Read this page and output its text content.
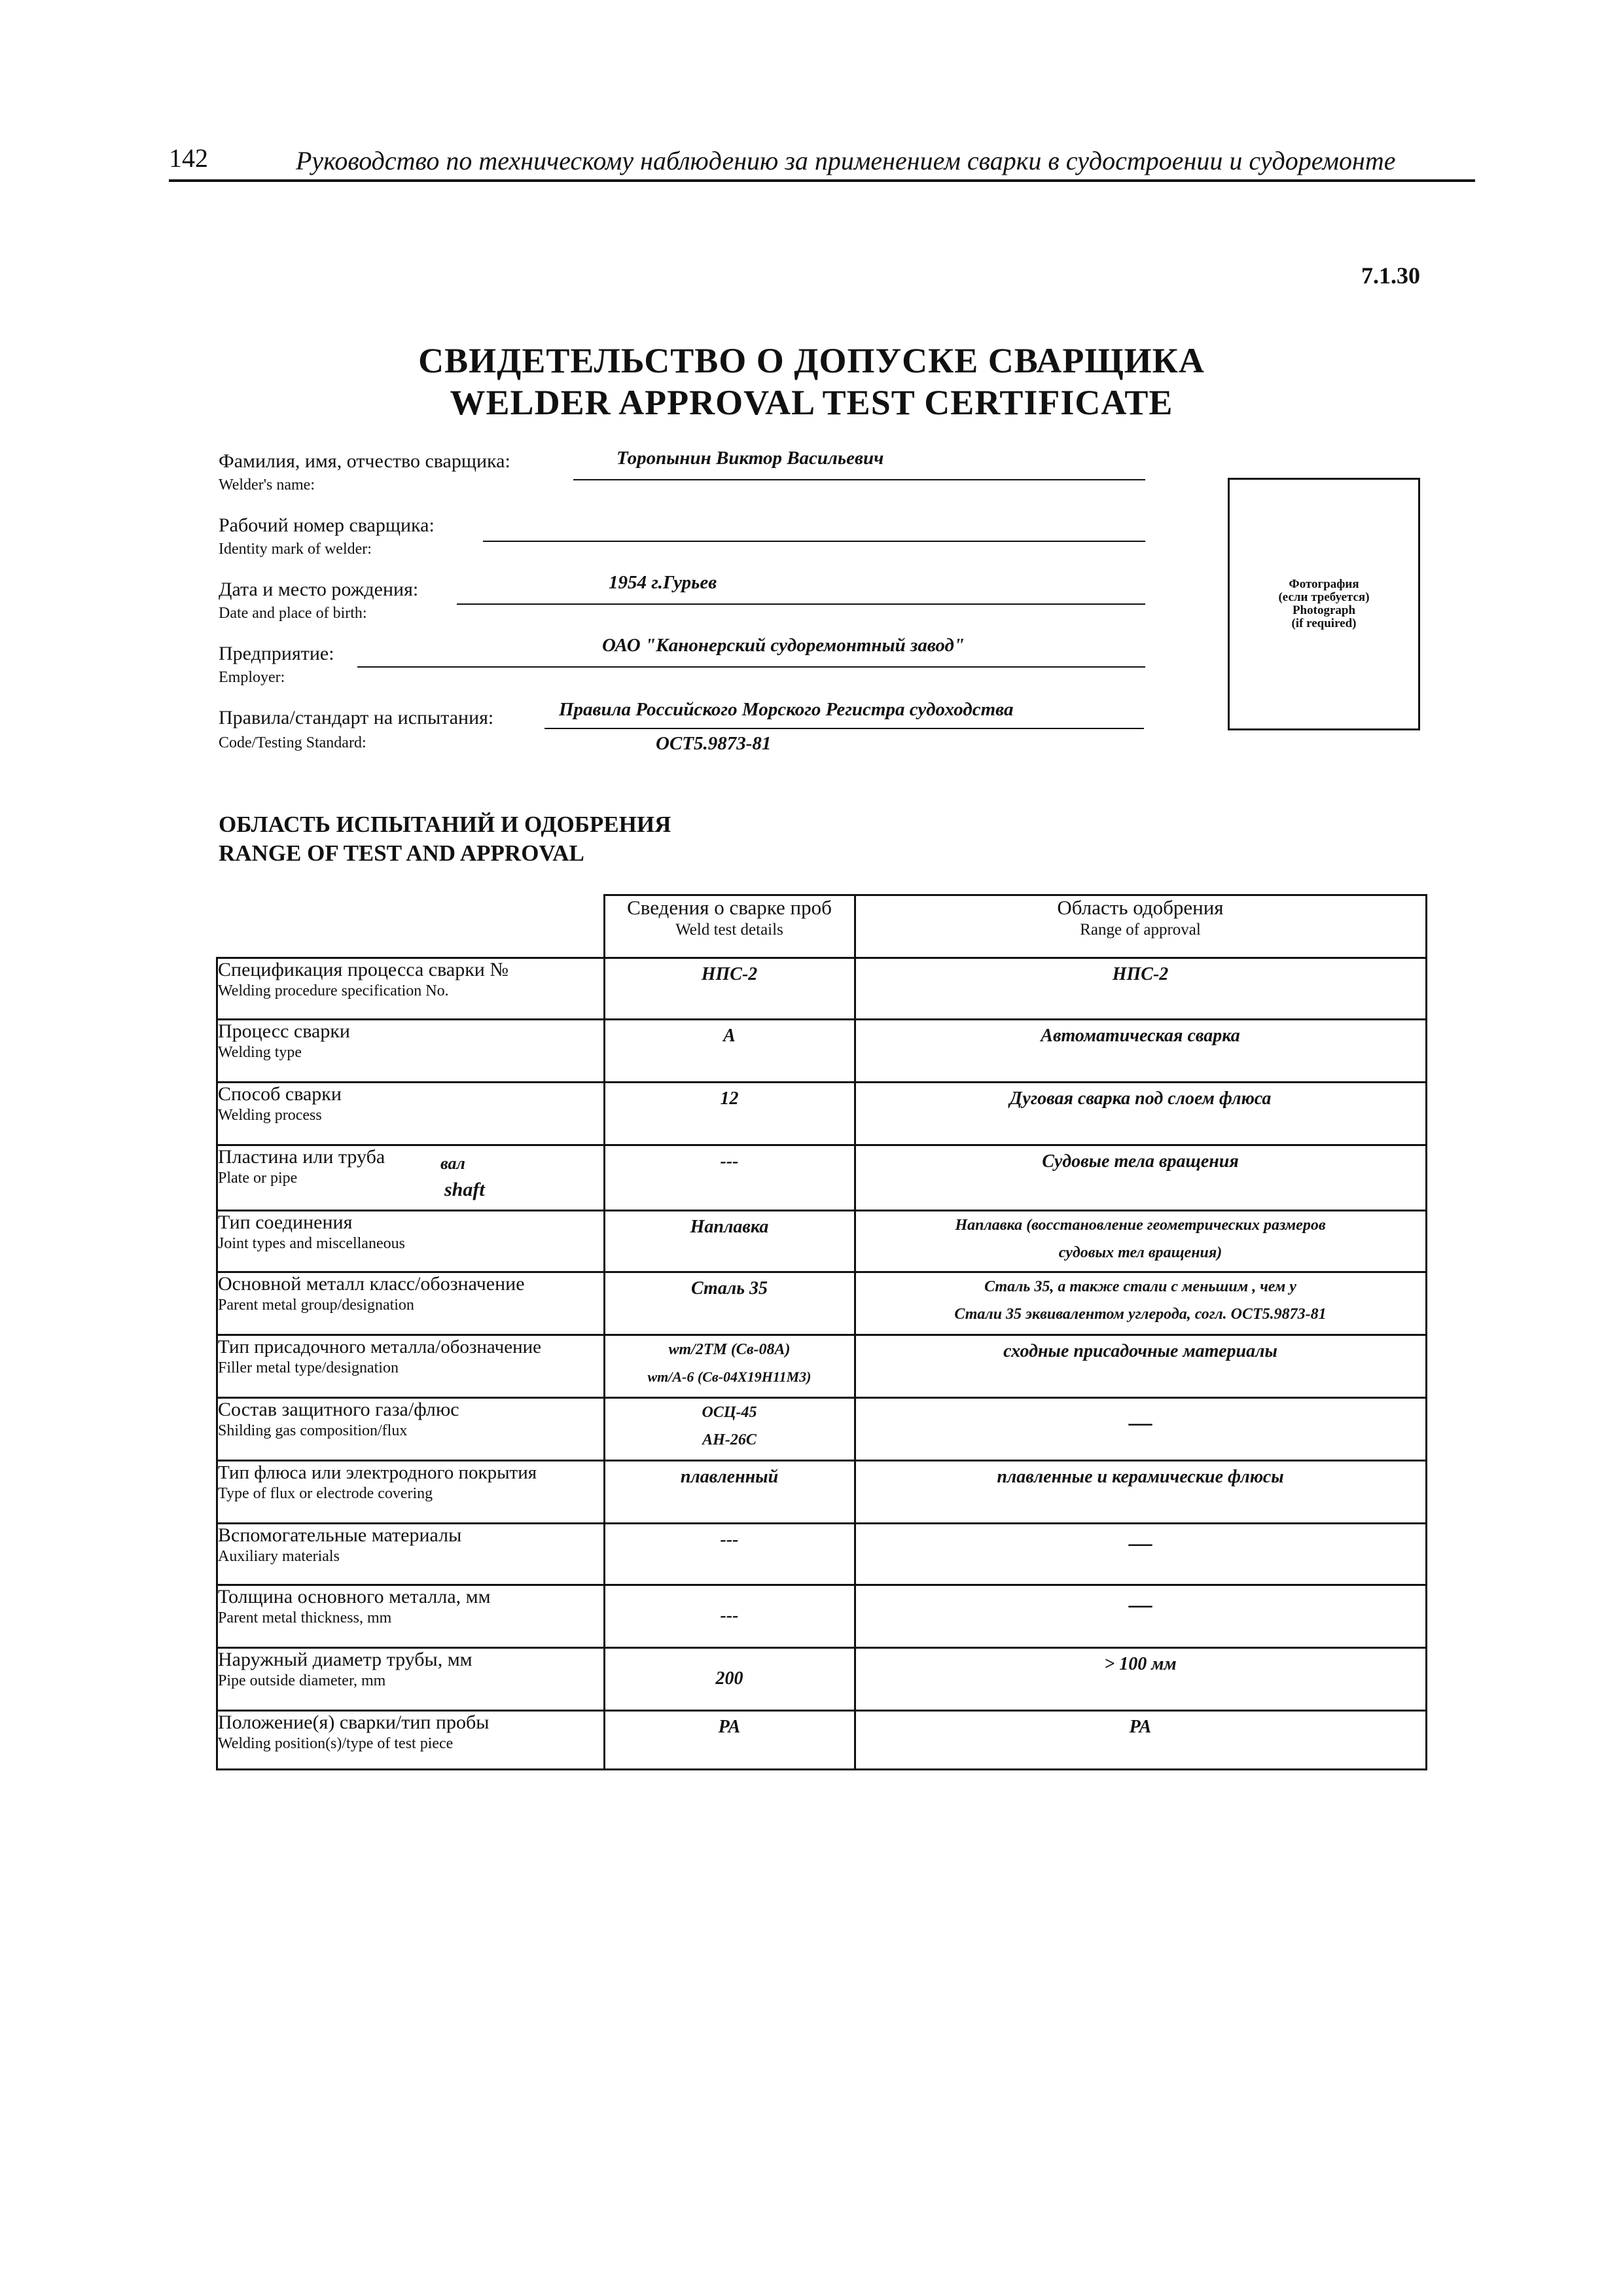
142	Руководство по техническому наблюдению за применением сварки в судостроении и судоремонте
7.1.30
СВИДЕТЕЛЬСТВО О ДОПУСКЕ СВАРЩИКА
WELDER APPROVAL TEST CERTIFICATE
Фамилия, имя, отчество сварщика:
Welder's name:
Торопынин Виктор Васильевич
Рабочий номер сварщика:
Identity mark of welder:
Дата и место рождения:
Date and place of birth:
1954 г.Гурьев
Предприятие:
Employer:
ОАО "Канонерский судоремонтный завод"
Правила/стандарт на испытания:
Code/Testing Standard:
Правила Российского Морского Регистра судоходства
ОСТ5.9873-81
Фотография
(если требуется)
Photograph
(if required)
ОБЛАСТЬ ИСПЫТАНИЙ И ОДОБРЕНИЯ
RANGE OF TEST AND APPROVAL

	Сведения о сварке проб
Weld test details	Область одобрения
Range of approval

Спецификация процесса сварки №
Welding procedure specification No.	НПС-2	НПС-2

Процесс сварки
Welding type	A	Автоматическая сварка

Способ сварки
Welding process	12	Дуговая сварка под слоем флюса

Пластина или труба
Plate or pipe
вал
shaft	---	Судовые тела вращения

Тип соединения
Joint types and miscellaneous	Наплавка	Наплавка (восстановление геометрических размеров
судовых тел вращения)

Основной металл класс/обозначение
Parent metal group/designation	Сталь 35	Сталь 35, а также стали с меньшим , чем у
Стали 35 эквивалентом углерода, согл. ОСТ5.9873-81

Тип присадочного металла/обозначение
Filler metal type/designation	wm/2TM (Св-08А)
wm/A-6 (Св-04Х19Н11М3)	сходные присадочные материалы

Состав защитного газа/флюс
Shilding gas composition/flux	ОСЦ-45
АН-26С	—

Тип флюса или электродного покрытия
Type of flux or electrode covering	плавленный	плавленные и керамические флюсы

Вспомогательные материалы
Auxiliary materials	---	—

Толщина основного металла, мм
Parent metal thickness, mm	---	—

Наружный диаметр трубы, мм
Pipe outside diameter, mm	200	> 100 мм

Положение(я) сварки/тип пробы
Welding position(s)/type of test piece	PA	PA
